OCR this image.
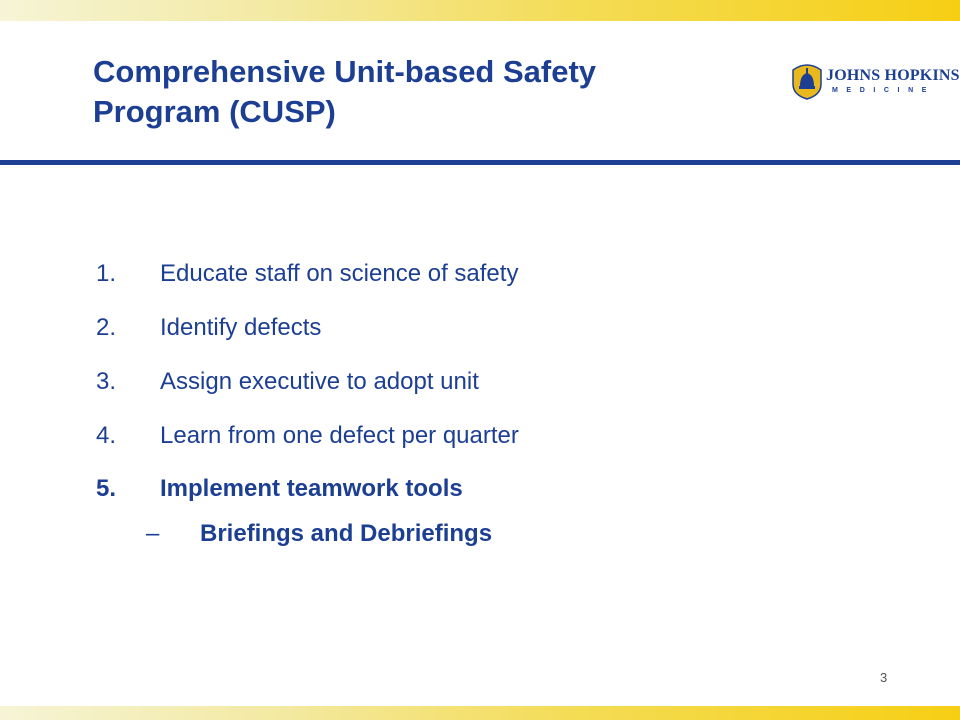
Comprehensive Unit-based Safety
Program (CUSP)
JOHNS HOPKINS
MEDICINE
1. Educate staff on science of safety
2. Identify defects
3. Assign executive to adopt unit
4. Learn from one defect per quarter
5. Implement teamwork tools
– Briefings and Debriefings
3
